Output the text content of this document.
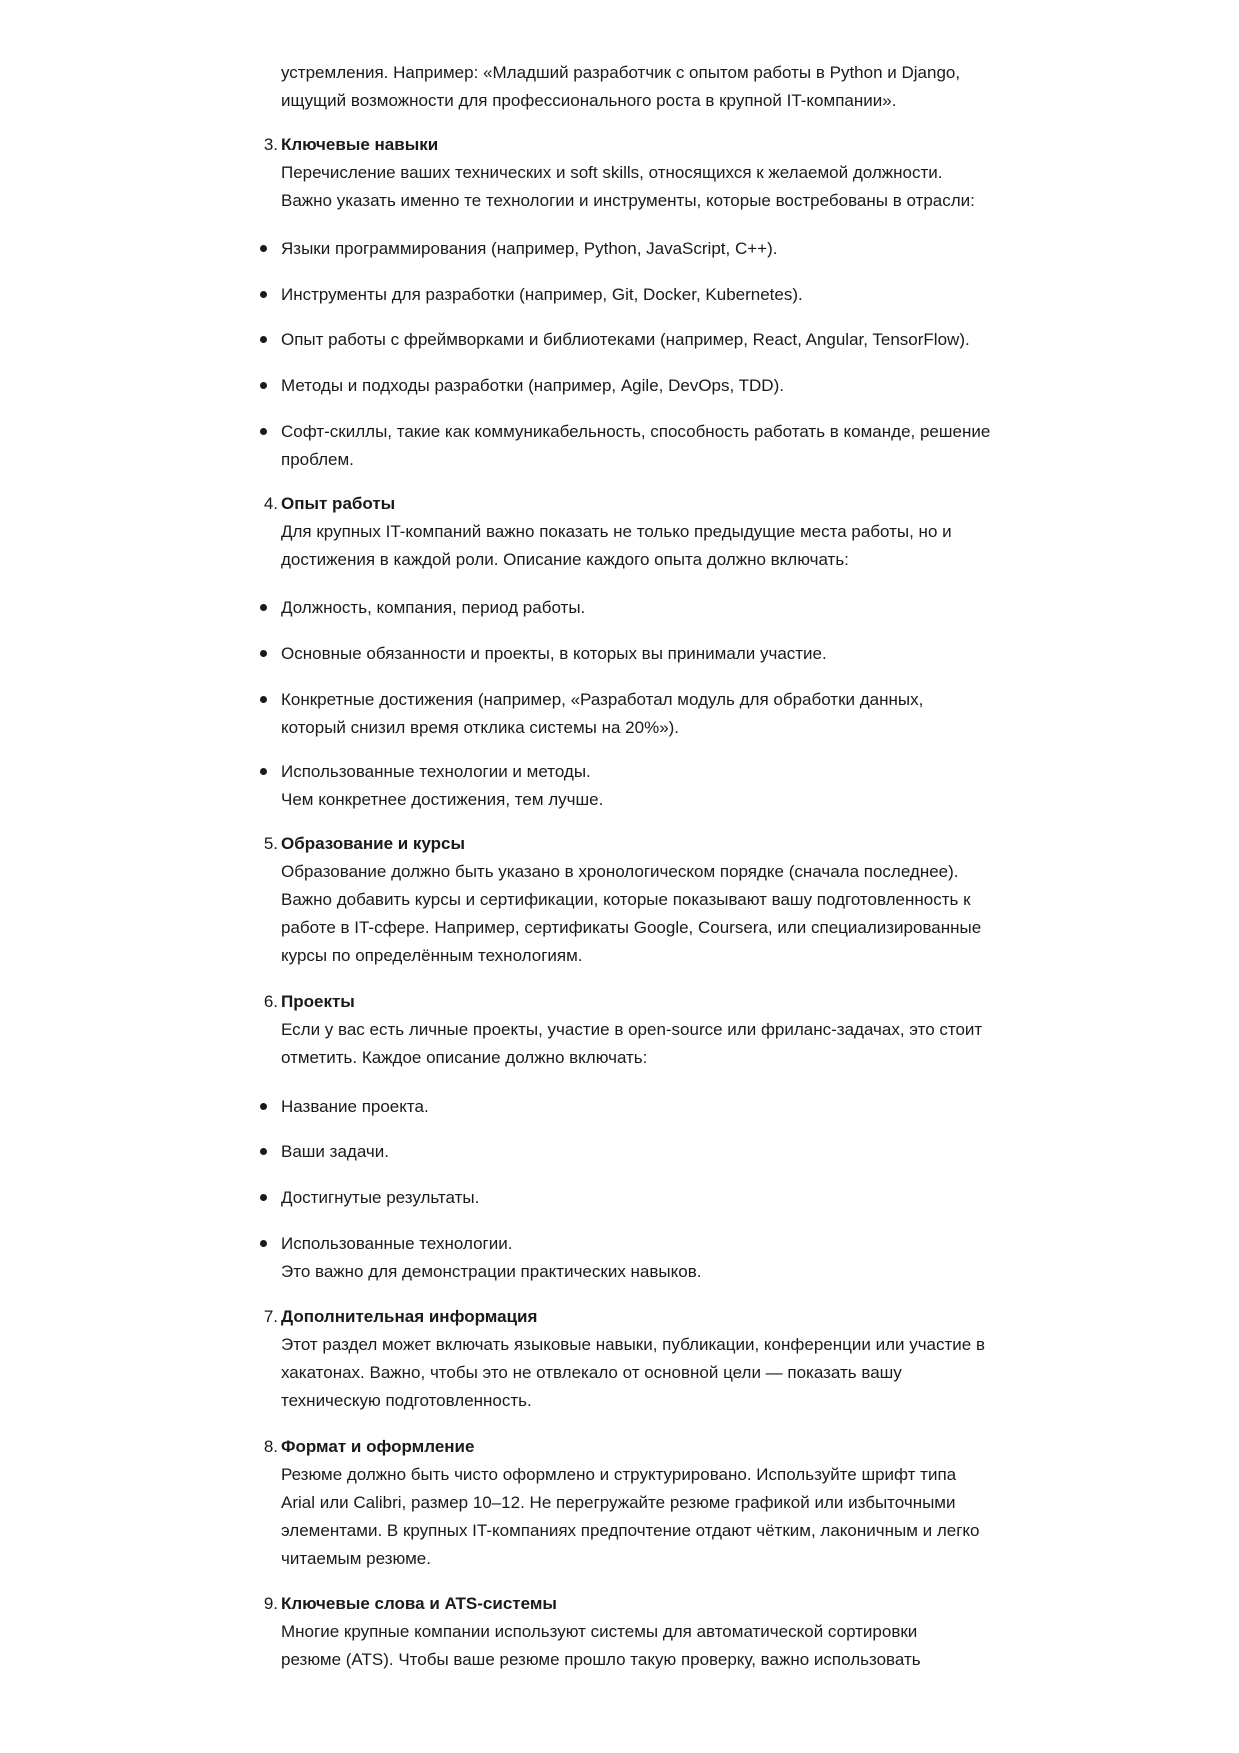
устремления. Например: «Младший разработчик с опытом работы в Python и Django,
ищущий возможности для профессионального роста в крупной IT-компании».
3. Ключевые навыки
Перечисление ваших технических и soft skills, относящихся к желаемой должности.
Важно указать именно те технологии и инструменты, которые востребованы в отрасли:
Языки программирования (например, Python, JavaScript, C++).
Инструменты для разработки (например, Git, Docker, Kubernetes).
Опыт работы с фреймворками и библиотеками (например, React, Angular, TensorFlow).
Методы и подходы разработки (например, Agile, DevOps, TDD).
Софт-скиллы, такие как коммуникабельность, способность работать в команде, решение
проблем.
4. Опыт работы
Для крупных IT-компаний важно показать не только предыдущие места работы, но и
достижения в каждой роли. Описание каждого опыта должно включать:
Должность, компания, период работы.
Основные обязанности и проекты, в которых вы принимали участие.
Конкретные достижения (например, «Разработал модуль для обработки данных,
который снизил время отклика системы на 20%»).
Использованные технологии и методы.
Чем конкретнее достижения, тем лучше.
5. Образование и курсы
Образование должно быть указано в хронологическом порядке (сначала последнее).
Важно добавить курсы и сертификации, которые показывают вашу подготовленность к
работе в IT-сфере. Например, сертификаты Google, Coursera, или специализированные
курсы по определённым технологиям.
6. Проекты
Если у вас есть личные проекты, участие в open-source или фриланс-задачах, это стоит
отметить. Каждое описание должно включать:
Название проекта.
Ваши задачи.
Достигнутые результаты.
Использованные технологии.
Это важно для демонстрации практических навыков.
7. Дополнительная информация
Этот раздел может включать языковые навыки, публикации, конференции или участие в
хакатонах. Важно, чтобы это не отвлекало от основной цели — показать вашу
техническую подготовленность.
8. Формат и оформление
Резюме должно быть чисто оформлено и структурировано. Используйте шрифт типа
Arial или Calibri, размер 10–12. Не перегружайте резюме графикой или избыточными
элементами. В крупных IT-компаниях предпочтение отдают чётким, лаконичным и легко
читаемым резюме.
9. Ключевые слова и ATS-системы
Многие крупные компании используют системы для автоматической сортировки
резюме (ATS). Чтобы ваше резюме прошло такую проверку, важно использовать
